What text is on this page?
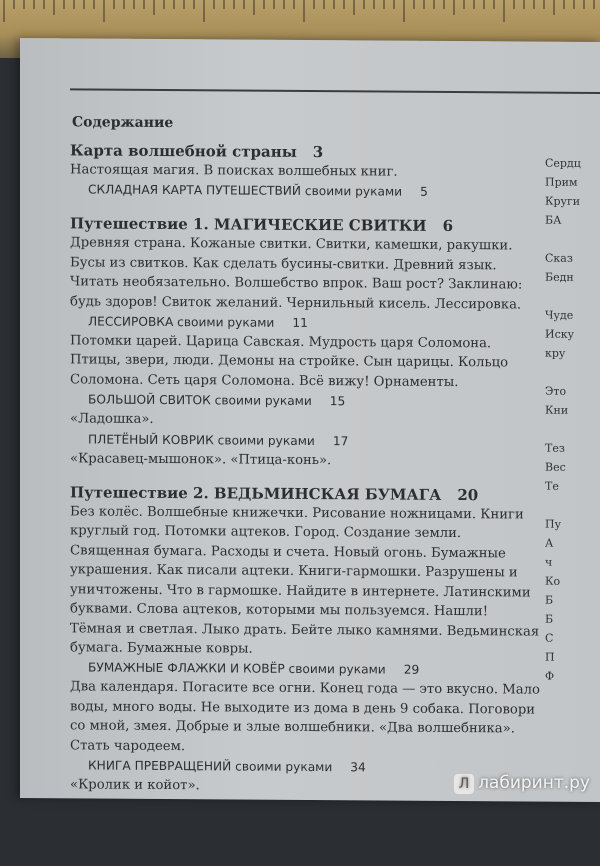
Содержание
Карта волшебной страны 3
Настоящая магия. В поисках волшебных книг.
СКЛАДНАЯ КАРТА ПУТЕШЕСТВИЙ своими руками 5
Путешествие 1. МАГИЧЕСКИЕ СВИТКИ 6
Древняя страна. Кожаные свитки. Свитки, камешки, ракушки. Бусы из свитков. Как сделать бусины-свитки. Древний язык. Читать необязательно. Волшебство впрок. Ваш рост? Заклинаю: будь здоров! Свиток желаний. Чернильный кисель. Лессировка.
ЛЕССИРОВКА своими руками 11
Потомки царей. Царица Савская. Мудрость царя Соломона. Птицы, звери, люди. Демоны на стройке. Сын царицы. Кольцо Соломона. Сеть царя Соломона. Всё вижу! Орнаменты.
БОЛЬШОЙ СВИТОК своими руками 15
«Ладошка».
ПЛЕТЁНЫЙ КОВРИК своими руками 17
«Красавец-мышонок». «Птица-конь».
Путешествие 2. ВЕДЬМИНСКАЯ БУМАГА 20
Без колёс. Волшебные книжечки. Рисование ножницами. Книги круглый год. Потомки ацтеков. Город. Создание земли. Священная бумага. Расходы и счета. Новый огонь. Бумажные украшения. Как писали ацтеки. Книги-гармошки. Разрушены и уничтожены. Что в гармошке. Найдите в интернете. Латинскими буквами. Слова ацтеков, которыми мы пользуемся. Нашли! Тёмная и светлая. Лыко драть. Бейте лыко камнями. Ведьминская бумага. Бумажные ковры.
БУМАЖНЫЕ ФЛАЖКИ И КОВЁР своими руками 29
Два календаря. Погасите все огни. Конец года — это вкусно. Мало воды, много воды. Не выходите из дома в день 9 собака. Поговори со мной, змея. Добрые и злые волшебники. «Два волшебника». Стать чародеем.
КНИГА ПРЕВРАЩЕНИЙ своими руками 34
«Кролик и койот».
Путешествие 3. ПТИЦА, СЕРДЦЕ И РАЁК 38
Путешествие по Европе.
Сердц
Прим
Круги
БА

Сказ
Бедн

Чуде
Иску
кру

Это
Кни

Тез
Вес
Те

Пу
А
ч
Ко
Б
Б
С
П
Ф
Л лабиринт.ру
